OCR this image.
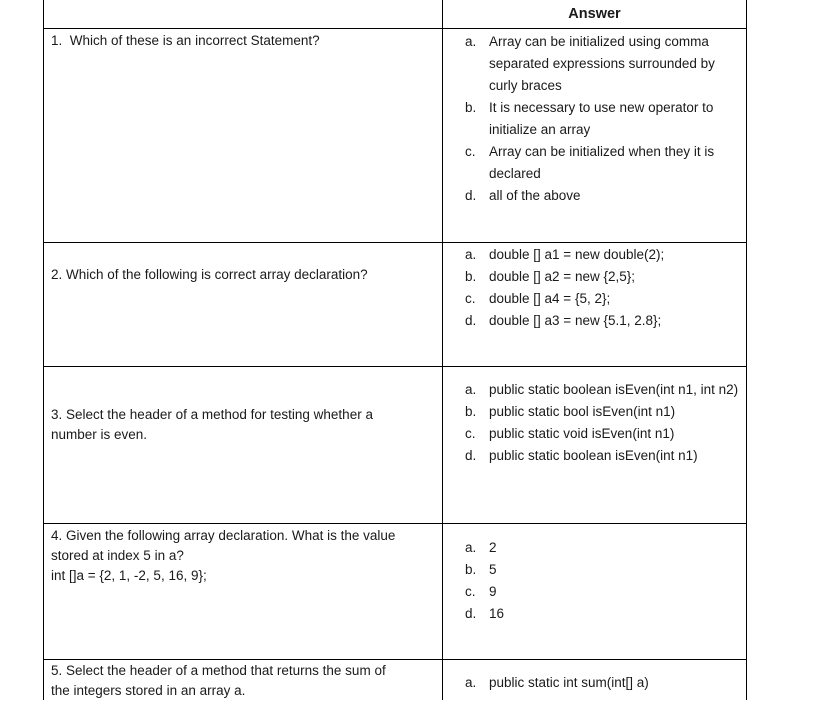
Answer
1.  Which of these is an incorrect Statement?	a. Array can be initialized using comma separated expressions surrounded by curly braces
b. It is necessary to use new operator to initialize an array
c. Array can be initialized when they it is declared
d. all of the above
2. Which of the following is correct array declaration?
a. double [] a1 = new double(2);
b. double [] a2 = new {2,5};
c. double [] a4 = {5, 2};
d. double [] a3 = new {5.1, 2.8};
3. Select the header of a method for testing whether a
number is even.
a. public static boolean isEven(int n1, int n2)
b. public static bool isEven(int n1)
c. public static void isEven(int n1)
d. public static boolean isEven(int n1)
4. Given the following array declaration. What is the value
stored at index 5 in a?
int []a = {2, 1, -2, 5, 16, 9};
a. 2
b. 5
c. 9
d. 16
5. Select the header of a method that returns the sum of
the integers stored in an array a.
a. public static int sum(int[] a)
